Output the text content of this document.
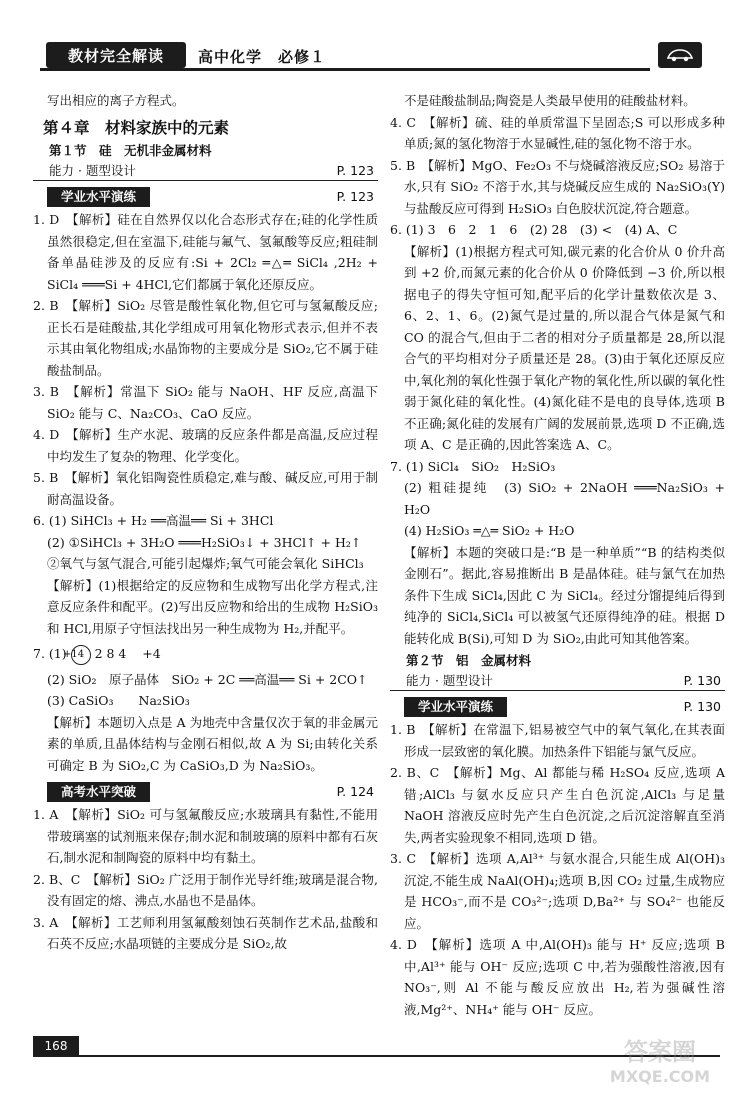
教材完全解读	高中化学　必修１

写出相应的离子方程式。

第４章　材料家族中的元素
第１节　硅　无机非金属材料
能力 · 题型设计	P. 123
学业水平演练	P. 123

1. D　【解析】硅在自然界仅以化合态形式存在;硅的化学性质虽然很稳定,但在室温下,硅能与氟气、氢氟酸等反应;粗硅制备单晶硅涉及的反应有:Si + 2Cl₂ ═△═ SiCl₄ ,2H₂ + SiCl₄ ═══Si + 4HCl,它们都属于氧化还原反应。

2. B　【解析】SiO₂ 尽管是酸性氧化物,但它可与氢氟酸反应;正长石是硅酸盐,其化学组成可用氧化物形式表示,但并不表示其由氧化物组成;水晶饰物的主要成分是 SiO₂,它不属于硅酸盐制品。

3. B　【解析】常温下 SiO₂ 能与 NaOH、HF 反应,高温下 SiO₂ 能与 C、Na₂CO₃、CaO 反应。

4. D　【解析】生产水泥、玻璃的反应条件都是高温,反应过程中均发生了复杂的物理、化学变化。

5. B　【解析】氧化铝陶瓷性质稳定,难与酸、碱反应,可用于制耐高温设备。

6. (1) SiHCl₃ + H₂ ══高温══ Si + 3HCl

(2) ①SiHCl₃ + 3H₂O ═══H₂SiO₃↓ + 3HCl↑ + H₂↑

②氧气与氢气混合,可能引起爆炸;氧气可能会氧化 SiHCl₃

【解析】(1)根据给定的反应物和生成物写出化学方程式,注意反应条件和配平。(2)写出反应物和给出的生成物 H₂SiO₃ 和 HCl,用原子守恒法找出另一种生成物为 H₂,并配平。

7. (1) +14 2 8 4 +4

(2) SiO₂　原子晶体　SiO₂ + 2C ══高温══ Si + 2CO↑

(3) CaSiO₃　　Na₂SiO₃

【解析】本题切入点是 A 为地壳中含量仅次于氧的非金属元素的单质,且晶体结构与金刚石相似,故 A 为 Si;由转化关系可确定 B 为 SiO₂,C 为 CaSiO₃,D 为 Na₂SiO₃。

高考水平突破	P. 124

1. A　【解析】SiO₂ 可与氢氟酸反应;水玻璃具有黏性,不能用带玻璃塞的试剂瓶来保存;制水泥和制玻璃的原料中都有石灰石,制水泥和制陶瓷的原料中均有黏土。

2. B、C　【解析】SiO₂ 广泛用于制作光导纤维;玻璃是混合物,没有固定的熔、沸点,水晶也不是晶体。

3. A　【解析】工艺师利用氢氟酸刻蚀石英制作艺术品,盐酸和石英不反应;水晶项链的主要成分是 SiO₂,故

不是硅酸盐制品;陶瓷是人类最早使用的硅酸盐材料。

4. C　【解析】硫、硅的单质常温下呈固态;S 可以形成多种单质;氮的氢化物溶于水显碱性,硅的氢化物不溶于水。

5. B　【解析】MgO、Fe₂O₃ 不与烧碱溶液反应;SO₂ 易溶于水,只有 SiO₂ 不溶于水,其与烧碱反应生成的 Na₂SiO₃(Y)与盐酸反应可得到 H₂SiO₃ 白色胶状沉淀,符合题意。

6. (1) 3　6　2　1　6　(2) 28　(3) <　(4) A、C

【解析】(1)根据方程式可知,碳元素的化合价从 0 价升高到 +2 价,而氮元素的化合价从 0 价降低到 −3 价,所以根据电子的得失守恒可知,配平后的化学计量数依次是 3、6、2、1、6。(2)氮气是过量的,所以混合气体是氮气和 CO 的混合气,但由于二者的相对分子质量都是 28,所以混合气的平均相对分子质量还是 28。(3)由于氧化还原反应中,氧化剂的氧化性强于氧化产物的氧化性,所以碳的氧化性弱于氮化硅的氧化性。(4)氮化硅不是电的良导体,选项 B 不正确;氮化硅的发展有广阔的发展前景,选项 D 不正确,选项 A、C 是正确的,因此答案选 A、C。

7. (1) SiCl₄　SiO₂　H₂SiO₃

(2) 粗硅提纯　(3) SiO₂ + 2NaOH ═══Na₂SiO₃ + H₂O

(4) H₂SiO₃ ═△═ SiO₂ + H₂O

【解析】本题的突破口是:“B 是一种单质”“B 的结构类似金刚石”。据此,容易推断出 B 是晶体硅。硅与氯气在加热条件下生成 SiCl₄,因此 C 为 SiCl₄。经过分馏提纯后得到纯净的 SiCl₄,SiCl₄ 可以被氢气还原得纯净的硅。根据 D 能转化成 B(Si),可知 D 为 SiO₂,由此可知其他答案。

第２节　铝　金属材料
能力 · 题型设计	P. 130
学业水平演练	P. 130

1. B　【解析】在常温下,铝易被空气中的氧气氧化,在其表面形成一层致密的氧化膜。加热条件下铝能与氯气反应。

2. B、C　【解析】Mg、Al 都能与稀 H₂SO₄ 反应,选项 A 错;AlCl₃ 与氨水反应只产生白色沉淀,AlCl₃ 与足量 NaOH 溶液反应时先产生白色沉淀,之后沉淀溶解直至消失,两者实验现象不相同,选项 D 错。

3. C　【解析】选项 A,Al³⁺ 与氨水混合,只能生成 Al(OH)₃ 沉淀,不能生成 NaAl(OH)₄;选项 B,因 CO₂ 过量,生成物应是 HCO₃⁻,而不是 CO₃²⁻;选项 D,Ba²⁺ 与 SO₄²⁻ 也能反应。

4. D　【解析】选项 A 中,Al(OH)₃ 能与 H⁺ 反应;选项 B 中,Al³⁺ 能与 OH⁻ 反应;选项 C 中,若为强酸性溶液,因有 NO₃⁻,则 Al 不能与酸反应放出 H₂,若为强碱性溶液,Mg²⁺、NH₄⁺ 能与 OH⁻ 反应。

168	答案圈
MXQE.COM
